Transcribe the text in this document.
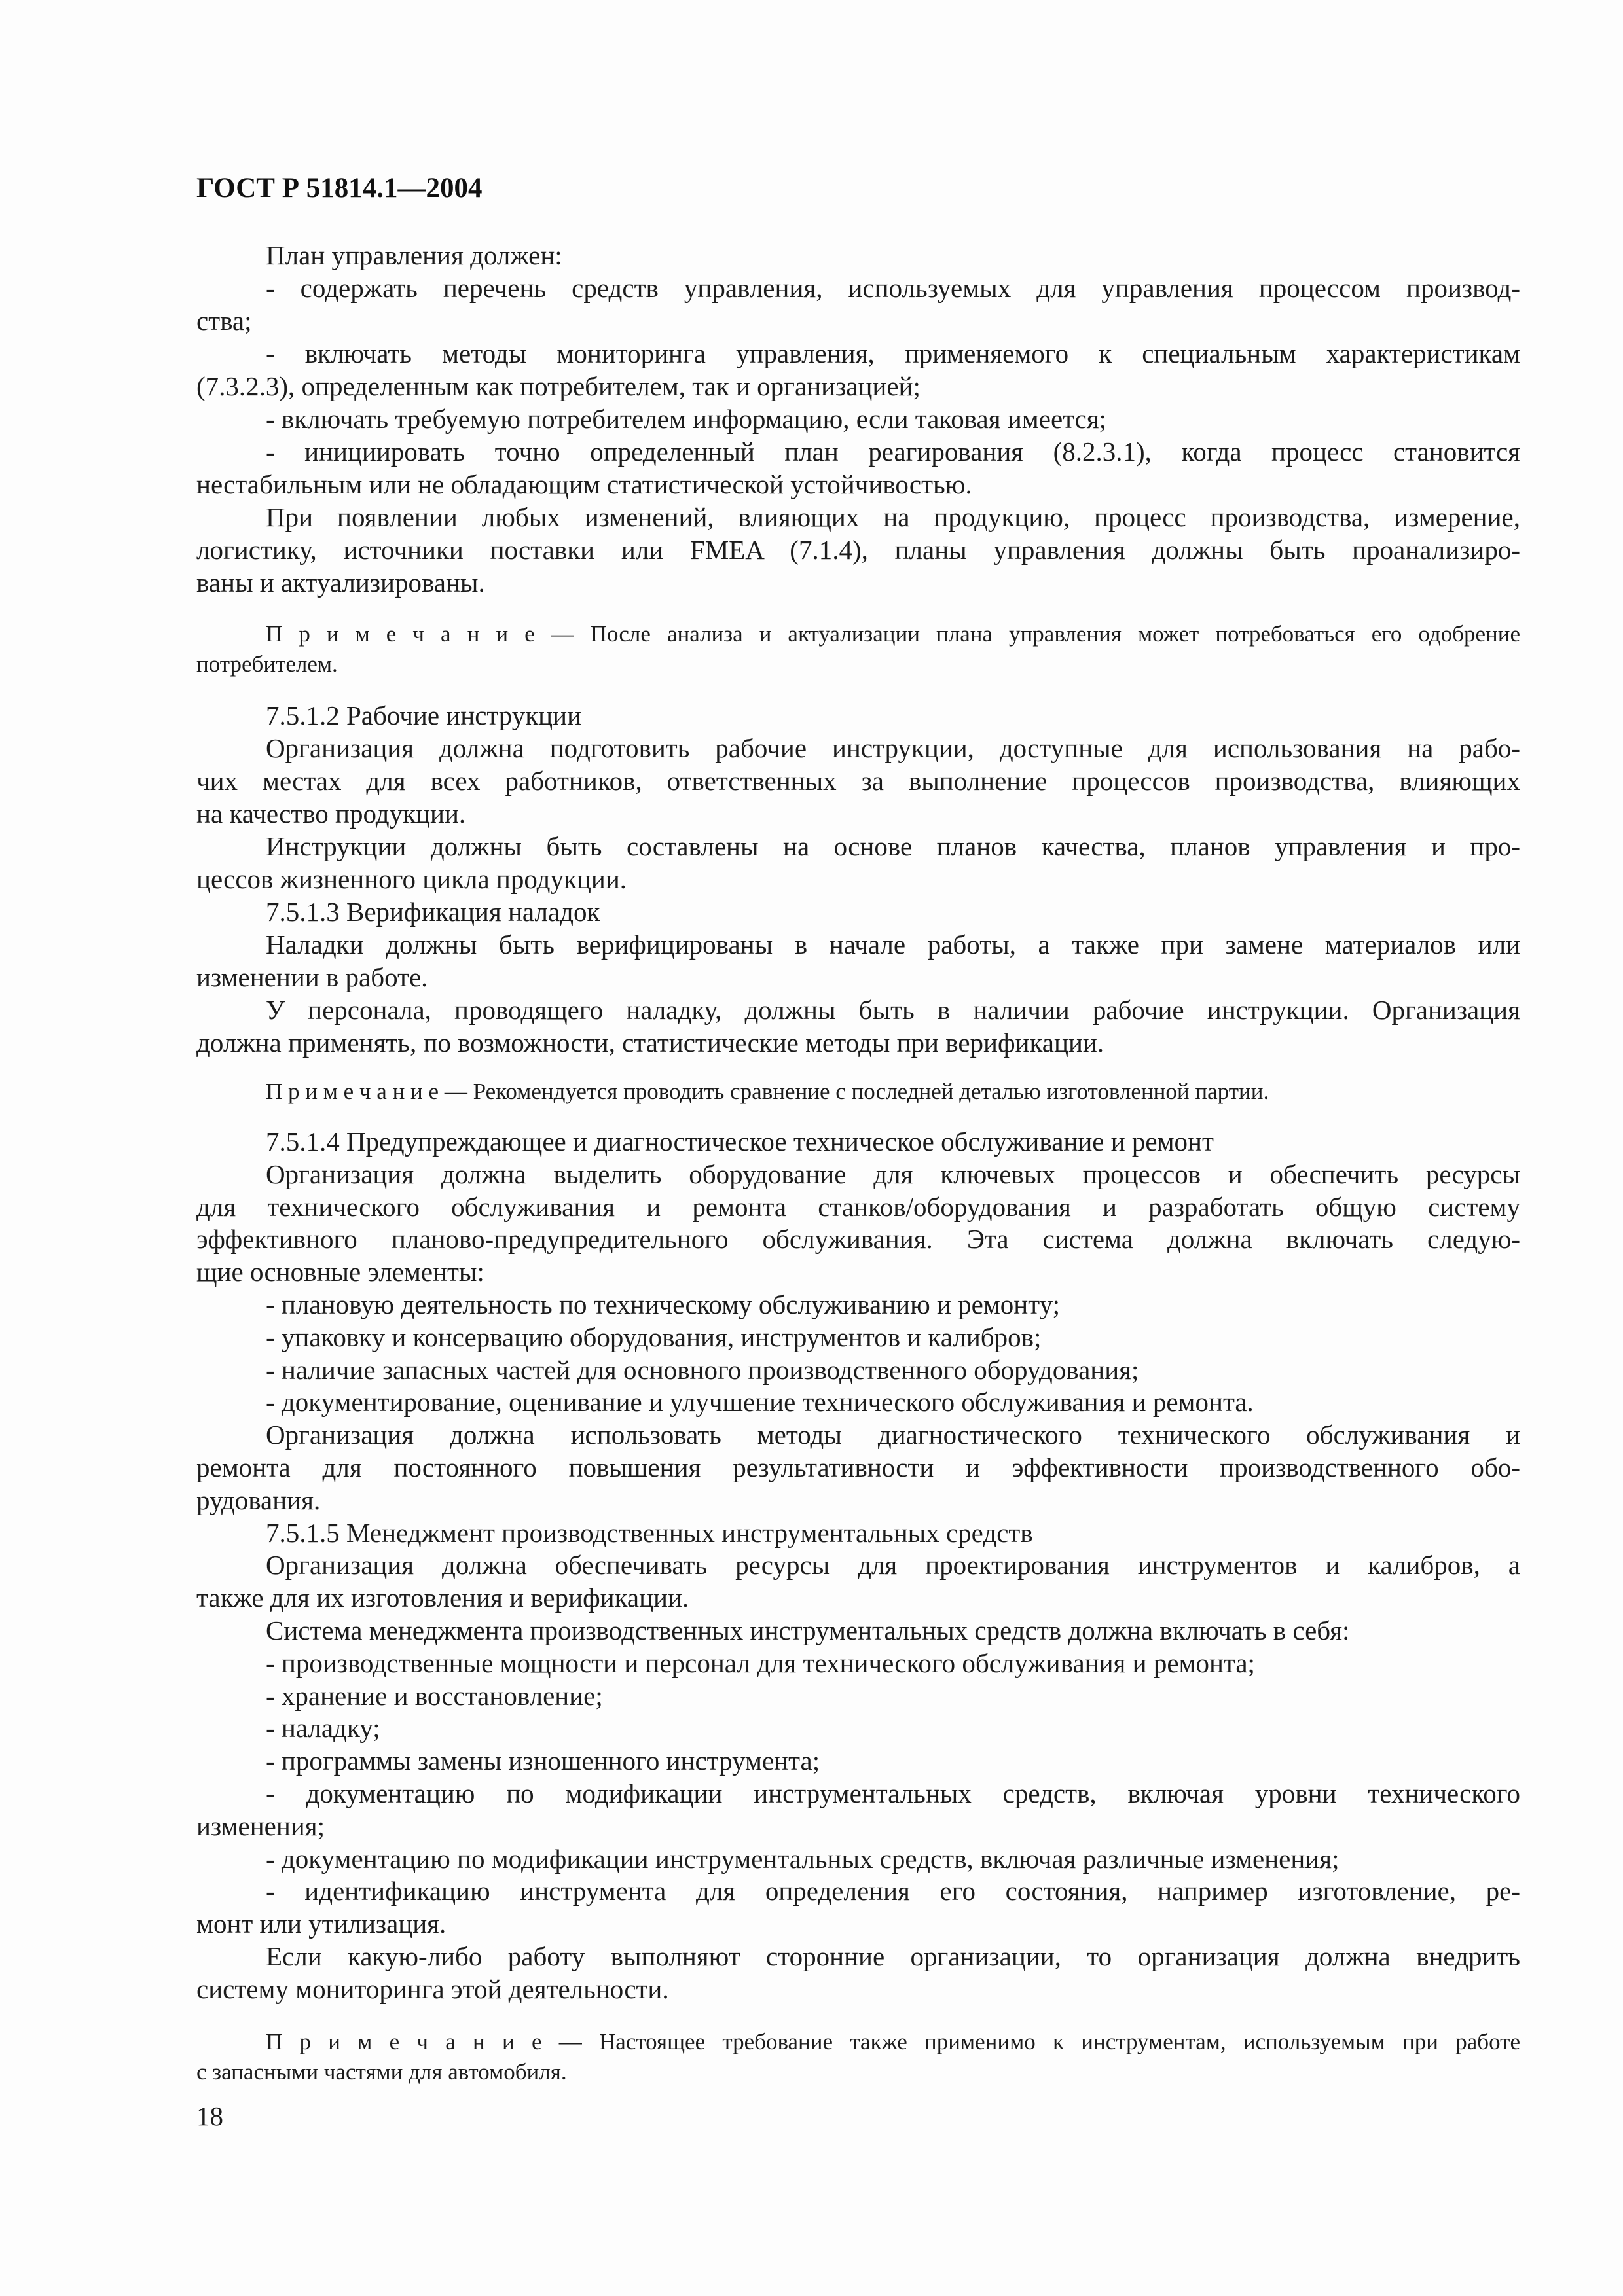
ГОСТ Р 51814.1—2004
План управления должен:
- содержать перечень средств управления, используемых для управления процессом производ-
ства;
- включать методы мониторинга управления, применяемого к специальным характеристикам
(7.3.2.3), определенным как потребителем, так и организацией;
- включать требуемую потребителем информацию, если таковая имеется;
- инициировать точно определенный план реагирования (8.2.3.1), когда процесс становится
нестабильным или не обладающим статистической устойчивостью.
При появлении любых изменений, влияющих на продукцию, процесс производства, измерение,
логистику, источники поставки или FMEA (7.1.4), планы управления должны быть проанализиро-
ваны и актуализированы.
П р и м е ч а н и е — После анализа и актуализации плана управления может потребоваться его одобрение
потребителем.
7.5.1.2 Рабочие инструкции
Организация должна подготовить рабочие инструкции, доступные для использования на рабо-
чих местах для всех работников, ответственных за выполнение процессов производства, влияющих
на качество продукции.
Инструкции должны быть составлены на основе планов качества, планов управления и про-
цессов жизненного цикла продукции.
7.5.1.3 Верификация наладок
Наладки должны быть верифицированы в начале работы, а также при замене материалов или
изменении в работе.
У персонала, проводящего наладку, должны быть в наличии рабочие инструкции. Организация
должна применять, по возможности, статистические методы при верификации.
П р и м е ч а н и е — Рекомендуется проводить сравнение с последней деталью изготовленной партии.
7.5.1.4 Предупреждающее и диагностическое техническое обслуживание и ремонт
Организация должна выделить оборудование для ключевых процессов и обеспечить ресурсы
для технического обслуживания и ремонта станков/оборудования и разработать общую систему
эффективного планово-предупредительного обслуживания. Эта система должна включать следую-
щие основные элементы:
- плановую деятельность по техническому обслуживанию и ремонту;
- упаковку и консервацию оборудования, инструментов и калибров;
- наличие запасных частей для основного производственного оборудования;
- документирование, оценивание и улучшение технического обслуживания и ремонта.
Организация должна использовать методы диагностического технического обслуживания и
ремонта для постоянного повышения результативности и эффективности производственного обо-
рудования.
7.5.1.5 Менеджмент производственных инструментальных средств
Организация должна обеспечивать ресурсы для проектирования инструментов и калибров, а
также для их изготовления и верификации.
Система менеджмента производственных инструментальных средств должна включать в себя:
- производственные мощности и персонал для технического обслуживания и ремонта;
- хранение и восстановление;
- наладку;
- программы замены изношенного инструмента;
- документацию по модификации инструментальных средств, включая уровни технического
изменения;
- документацию по модификации инструментальных средств, включая различные изменения;
- идентификацию инструмента для определения его состояния, например изготовление, ре-
монт или утилизация.
Если какую-либо работу выполняют сторонние организации, то организация должна внедрить
систему мониторинга этой деятельности.
П р и м е ч а н и е — Настоящее требование также применимо к инструментам, используемым при работе
с запасными частями для автомобиля.
18
